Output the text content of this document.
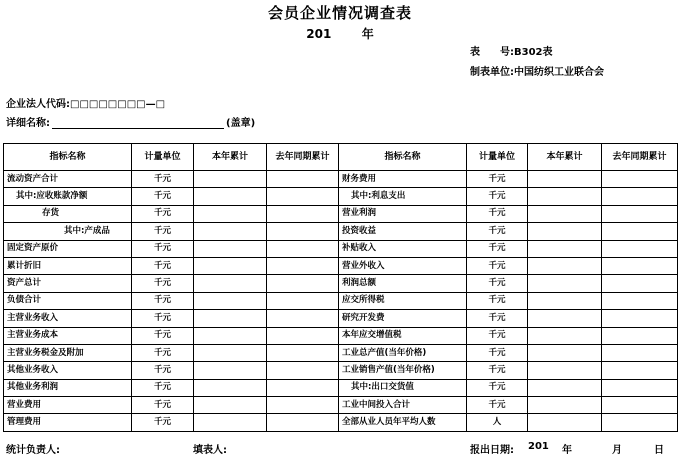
会员企业情况调查表
201	年
表　　号:B302表
制表单位:中国纺织工业联合会
企业法人代码:□□□□□□□□—□
详细名称:	(盖章)
指标名称	计量单位	本年累计	去年同期累计	指标名称	计量单位	本年累计	去年同期累计
流动资产合计	千元			财务费用	千元		
其中:应收账款净额	千元			其中:利息支出	千元		
存货	千元			营业利润	千元		
其中:产成品	千元			投资收益	千元		
固定资产原价	千元			补贴收入	千元		
累计折旧	千元			营业外收入	千元		
资产总计	千元			利润总额	千元		
负债合计	千元			应交所得税	千元		
主营业务收入	千元			研究开发费	千元		
主营业务成本	千元			本年应交增值税	千元		
主营业务税金及附加	千元			工业总产值(当年价格)	千元		
其他业务收入	千元			工业销售产值(当年价格)	千元		
其他业务利润	千元			其中:出口交货值	千元		
营业费用	千元			工业中间投入合计	千元		
管理费用	千元			全部从业人员年平均人数	人		
统计负责人:	填表人:	报出日期: 201 年	月	日
